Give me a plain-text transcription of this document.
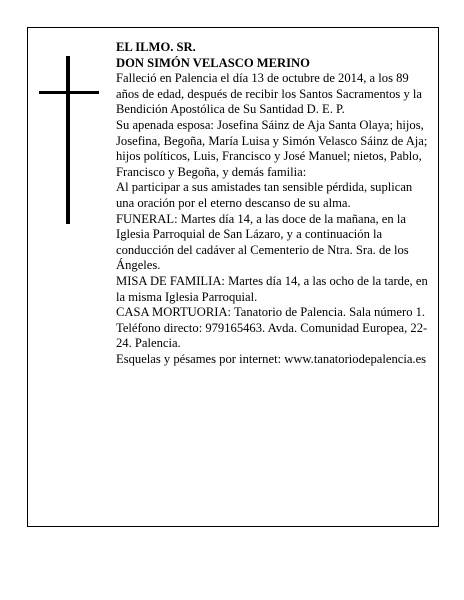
EL ILMO. SR.

DON SIMÓN VELASCO MERINO

Falleció en Palencia el día 13 de octubre de 2014, a los 89 años de edad, después de recibir los Santos Sacramentos y la Bendición Apostólica de Su Santidad D. E. P.

Su apenada esposa: Josefina Sáinz de Aja Santa Olaya; hijos, Josefina, Begoña, María Luisa y Simón Velasco Sáinz de Aja; hijos políticos, Luis, Francisco y José Manuel; nietos, Pablo, Francisco y Begoña, y demás familia:

Al participar a sus amistades tan sensible pérdida, suplican una oración por el eterno descanso de su alma.

FUNERAL: Martes día 14, a las doce de la mañana, en la Iglesia Parroquial de San Lázaro, y a continuación la conducción del cadáver al Cementerio de Ntra. Sra. de los Ángeles.

MISA DE FAMILIA: Martes día 14, a las ocho de la tarde, en la misma Iglesia Parroquial.

CASA MORTUORIA: Tanatorio de Palencia. Sala número 1. Teléfono directo: 979165463. Avda. Comunidad Europea, 22-24. Palencia.

Esquelas y pésames por internet: www.tanatoriodepalencia.es
